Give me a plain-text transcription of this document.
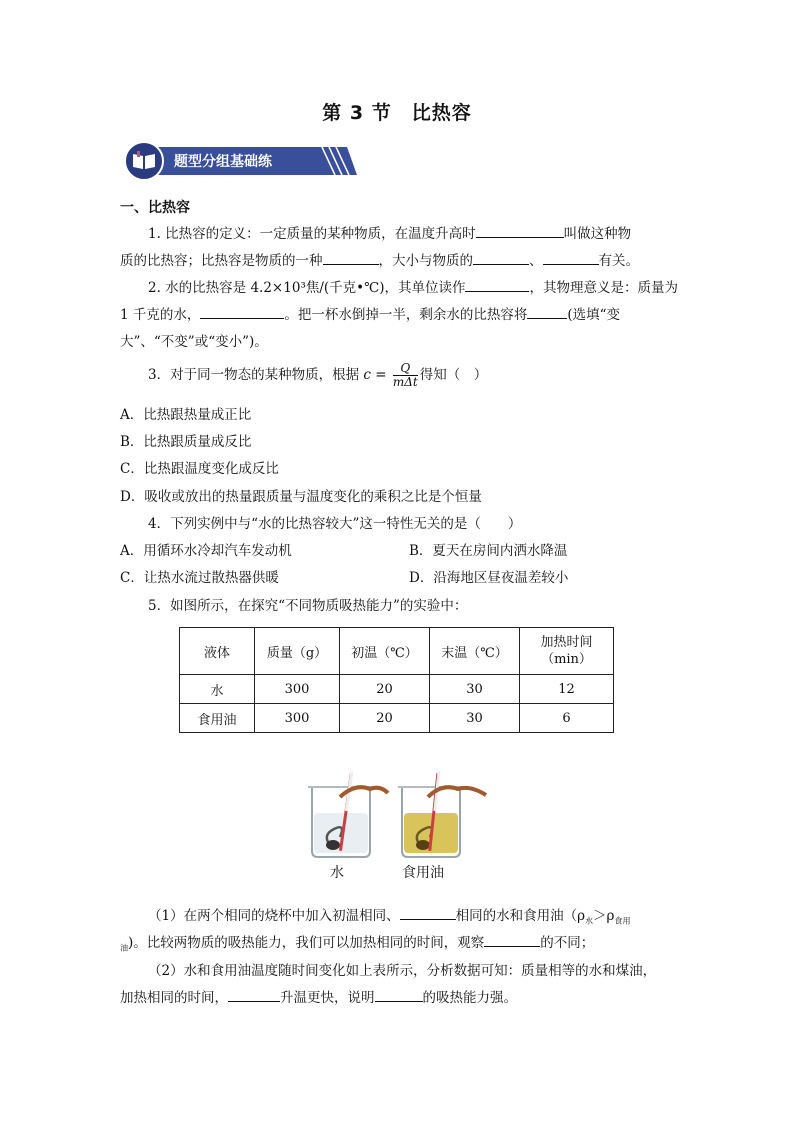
第 3 节　比热容
题型分组基础练
一、比热容
1. 比热容的定义：一定质量的某种物质，在温度升高时	叫做这种物
质的比热容；比热容是物质的一种	，大小与物质的	、	有关。
2. 水的比热容是 4.2×10³焦/(千克•℃)，其单位读作	，其物理意义是：质量为
1 千克的水，	。把一杯水倒掉一半，剩余水的比热容将	(选填“变
大”、“不变”或“变小”)。
3．对于同一物态的某种物质，根据 $c = \frac{Q}{\text{mΔt}}$ 得知（　）
A．比热跟热量成正比
B．比热跟质量成反比
C．比热跟温度变化成反比
D．吸收或放出的热量跟质量与温度变化的乘积之比是个恒量
4．下列实例中与“水的比热容较大”这一特性无关的是（　　）
A．用循环水冷却汽车发动机	B．夏天在房间内洒水降温
C．让热水流过散热器供暖	D．沿海地区昼夜温差较小
5．如图所示，在探究“不同物质吸热能力”的实验中：
液体	质量（g）	初温（℃）	末温（℃）	加热时间
（min）
水	300	20	30	12
食用油	300	20	30	6
水	食用油
（1）在两个相同的烧杯中加入初温相同、	相同的水和食用油（$\rho_水>\rho_{食用}$
$_油$)。比较两物质的吸热能力，我们可以加热相同的时间，观察	的不同；
（2）水和食用油温度随时间变化如上表所示，分析数据可知：质量相等的水和煤油，
加热相同的时间，	升温更快，说明	的吸热能力强。
